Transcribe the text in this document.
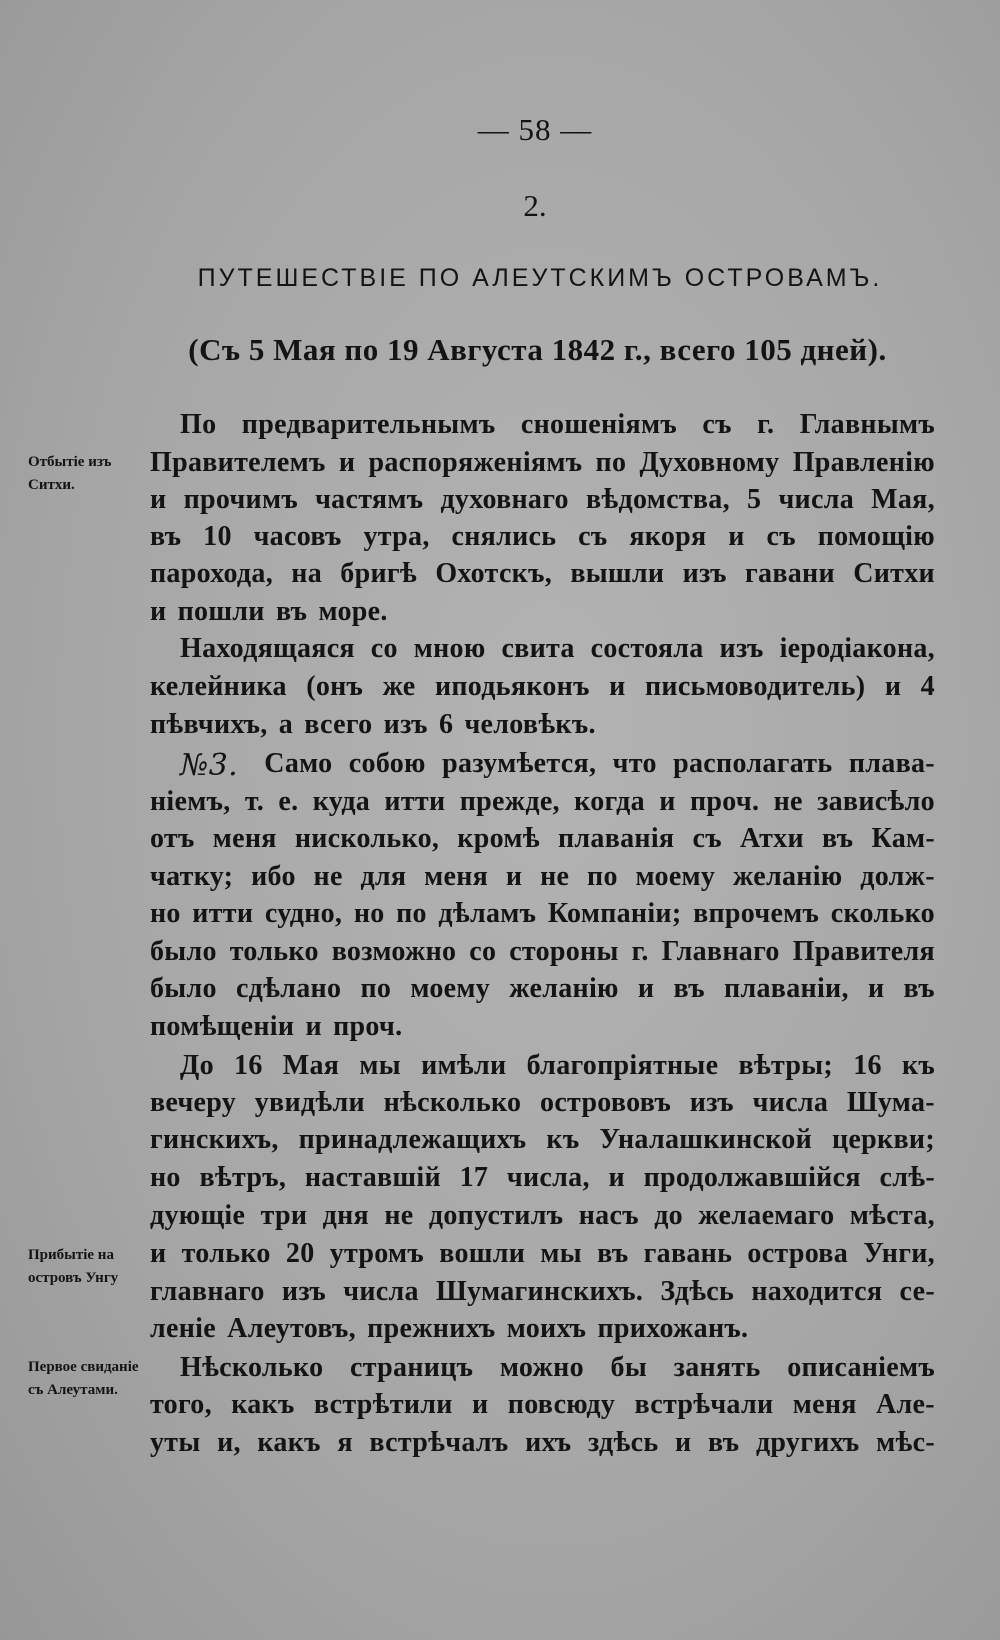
— 58 —
2.
ПУТЕШЕСТВІЕ ПО АЛЕУТСКИМЪ ОСТРОВАМЪ.
(Съ 5 Мая по 19 Августа 1842 г., всего 105 дней).
Отбытіе изъ Ситхи.
Прибытіе на островъ Унгу
Первое свиданіе съ Алеутами.
По предварительнымъ сношеніямъ съ г. Главнымъ
Правителемъ и распоряженіямъ по Духовному Правленію
и прочимъ частямъ духовнаго вѣдомства, 5 числа Мая,
въ 10 часовъ утра, снялись съ якоря и съ помощію
парохода, на бригѣ Охотскъ, вышли изъ гавани Ситхи
и пошли въ море.
Находящаяся со мною свита состояла изъ іеродіакона,
келейника (онъ же иподьяконъ и письмоводитель) и 4
пѣвчихъ, а всего изъ 6 человѣкъ.
№3. Само собою разумѣется, что располагать плава-
ніемъ, т. е. куда итти прежде, когда и проч. не зависѣло
отъ меня нисколько, кромѣ плаванія съ Атхи въ Кам-
чатку; ибо не для меня и не по моему желанію долж-
но итти судно, но по дѣламъ Компаніи; впрочемъ сколько
было только возможно со стороны г. Главнаго Правителя
было сдѣлано по моему желанію и въ плаваніи, и въ
помѣщеніи и проч.
До 16 Мая мы имѣли благопріятные вѣтры; 16 къ
вечеру увидѣли нѣсколько острововъ изъ числа Шума-
гинскихъ, принадлежащихъ къ Уналашкинской церкви;
но вѣтръ, наставшій 17 числа, и продолжавшійся слѣ-
дующіе три дня не допустилъ насъ до желаемаго мѣста,
и только 20 утромъ вошли мы въ гавань острова Унги,
главнаго изъ числа Шумагинскихъ. Здѣсь находится се-
леніе Алеутовъ, прежнихъ моихъ прихожанъ.
Нѣсколько страницъ можно бы занять описаніемъ
того, какъ встрѣтили и повсюду встрѣчали меня Але-
уты и, какъ я встрѣчалъ ихъ здѣсь и въ другихъ мѣс-
